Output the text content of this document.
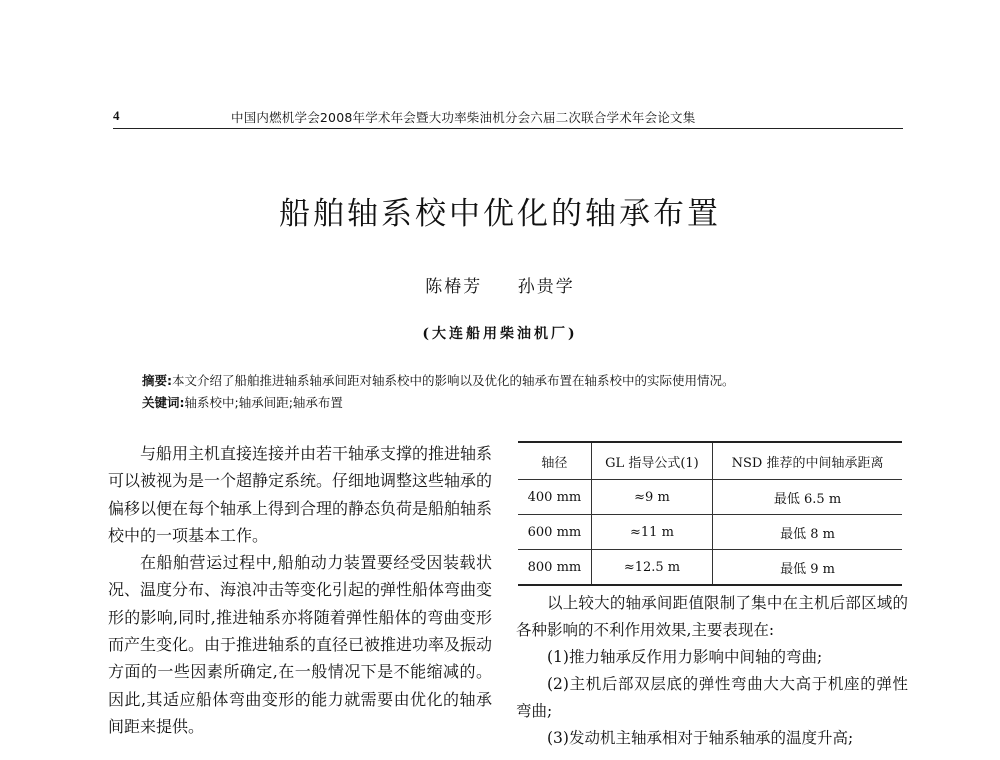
4	中国内燃机学会2008年学术年会暨大功率柴油机分会六届二次联合学术年会论文集
船舶轴系校中优化的轴承布置
陈椿芳 孙贵学
(大连船用柴油机厂)
摘要:本文介绍了船舶推进轴系轴承间距对轴系校中的影响以及优化的轴承布置在轴系校中的实际使用情况。
关键词:轴系校中;轴承间距;轴承布置

与船用主机直接连接并由若干轴承支撑的推进轴系可以被视为是一个超静定系统。仔细地调整这些轴承的偏移以便在每个轴承上得到合理的静态负荷是船舶轴系校中的一项基本工作。

在船舶营运过程中,船舶动力装置要经受因装载状况、温度分布、海浪冲击等变化引起的弹性船体弯曲变形的影响,同时,推进轴系亦将随着弹性船体的弯曲变形而产生变化。由于推进轴系的直径已被推进功率及振动方面的一些因素所确定,在一般情况下是不能缩减的。因此,其适应船体弯曲变形的能力就需要由优化的轴承间距来提供。

轴径	GL 指导公式(1)	NSD 推荐的中间轴承距离
400 mm	≈9 m	最低 6.5 m
600 mm	≈11 m	最低 8 m
800 mm	≈12.5 m	最低 9 m

以上较大的轴承间距值限制了集中在主机后部区域的各种影响的不利作用效果,主要表现在:

(1)推力轴承反作用力影响中间轴的弯曲;

(2)主机后部双层底的弹性弯曲大大高于机座的弹性弯曲;

(3)发动机主轴承相对于轴系轴承的温度升高;
